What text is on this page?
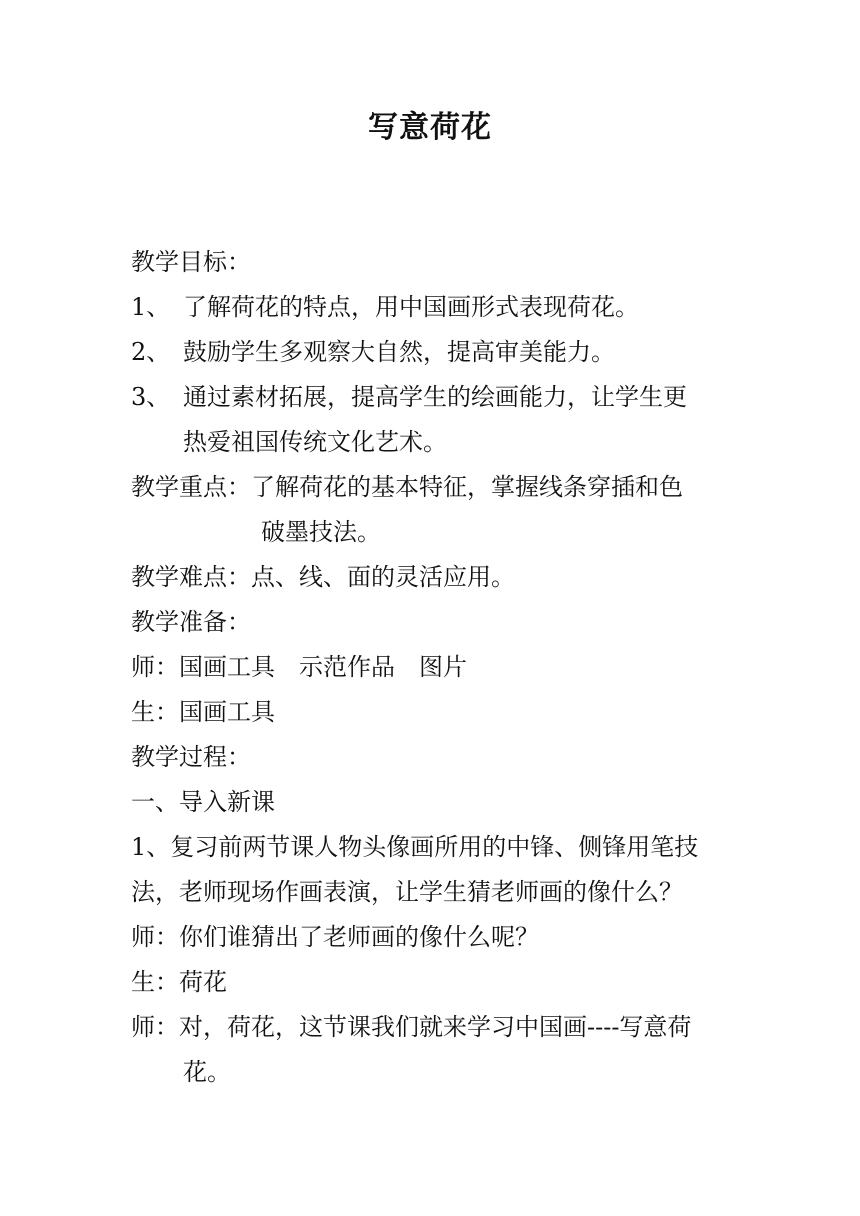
写意荷花
教学目标：
1、 了解荷花的特点，用中国画形式表现荷花。
2、 鼓励学生多观察大自然，提高审美能力。
3、 通过素材拓展，提高学生的绘画能力，让学生更
热爱祖国传统文化艺术。
教学重点：了解荷花的基本特征，掌握线条穿插和色
破墨技法。
教学难点：点、线、面的灵活应用。
教学准备：
师：国画工具　示范作品　图片
生：国画工具
教学过程：
一、导入新课
1、复习前两节课人物头像画所用的中锋、侧锋用笔技
法，老师现场作画表演，让学生猜老师画的像什么？
师：你们谁猜出了老师画的像什么呢？
生：荷花
师：对，荷花，这节课我们就来学习中国画----写意荷
花。
